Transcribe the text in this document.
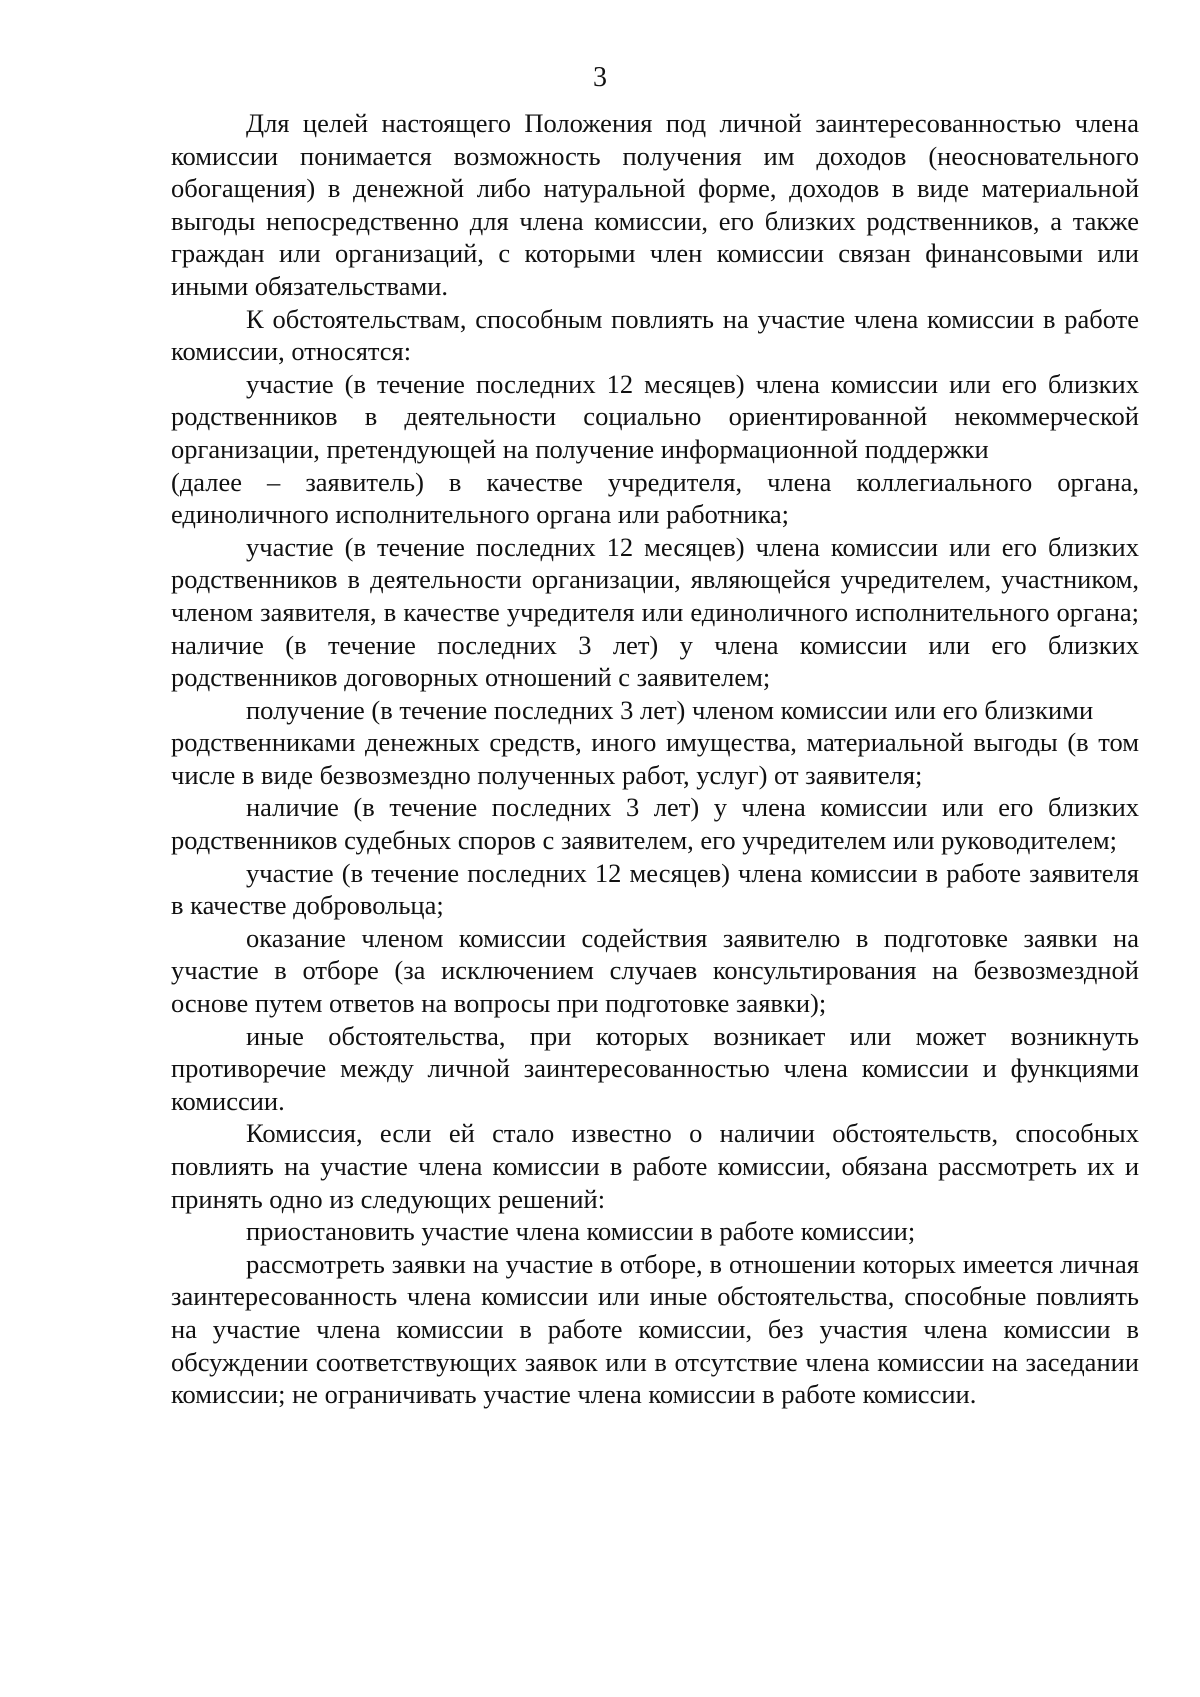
3

Для целей настоящего Положения под личной заинтересованностью члена комиссии понимается возможность получения им доходов (неосновательного обогащения) в денежной либо натуральной форме, доходов в виде материальной выгоды непосредственно для члена комиссии, его близких родственников, а также граждан или организаций, с которыми член комиссии связан финансовыми или иными обязательствами.

К обстоятельствам, способным повлиять на участие члена комиссии в работе комиссии, относятся:

участие (в течение последних 12 месяцев) члена комиссии или его близких родственников в деятельности социально ориентированной некоммерческой организации, претендующей на получение информационной поддержки

(далее – заявитель) в качестве учредителя, члена коллегиального органа, единоличного исполнительного органа или работника;

участие (в течение последних 12 месяцев) члена комиссии или его близких родственников в деятельности организации, являющейся учредителем, участником, членом заявителя, в качестве учредителя или единоличного исполнительного органа; наличие (в течение последних 3 лет) у члена комиссии или его близких родственников договорных отношений с заявителем;

получение (в течение последних 3 лет) членом комиссии или его близкими

родственниками денежных средств, иного имущества, материальной выгоды (в том числе в виде безвозмездно полученных работ, услуг) от заявителя;

наличие (в течение последних 3 лет) у члена комиссии или его близких родственников судебных споров с заявителем, его учредителем или руководителем;

участие (в течение последних 12 месяцев) члена комиссии в работе заявителя в качестве добровольца;

оказание членом комиссии содействия заявителю в подготовке заявки на участие в отборе (за исключением случаев консультирования на безвозмездной основе путем ответов на вопросы при подготовке заявки);

иные обстоятельства, при которых возникает или может возникнуть противоречие между личной заинтересованностью члена комиссии и функциями комиссии.

Комиссия, если ей стало известно о наличии обстоятельств, способных повлиять на участие члена комиссии в работе комиссии, обязана рассмотреть их и принять одно из следующих решений:

приостановить участие члена комиссии в работе комиссии;

рассмотреть заявки на участие в отборе, в отношении которых имеется личная заинтересованность члена комиссии или иные обстоятельства, способные повлиять на участие члена комиссии в работе комиссии, без участия члена комиссии в обсуждении соответствующих заявок или в отсутствие члена комиссии на заседании комиссии; не ограничивать участие члена комиссии в работе комиссии.
